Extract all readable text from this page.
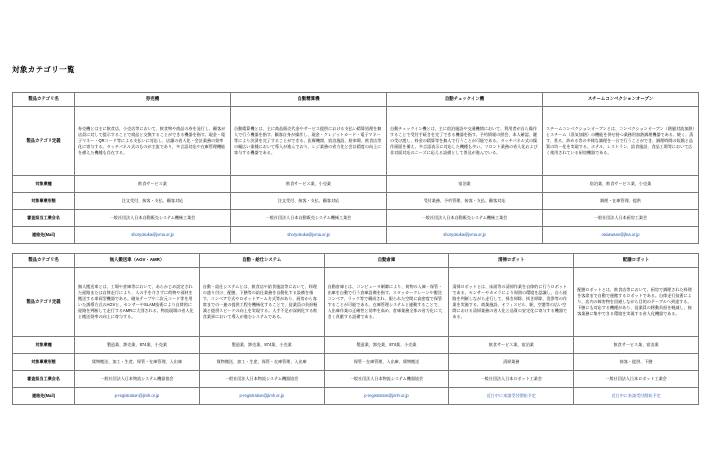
対象カテゴリ一覧
製品カテゴリ名	券売機	自動精算機	自動チェックイン機	スチームコンベクションオーブン
製品カテゴリ定義	券売機とは主に飲食店、小売店等において、飲食物や商品の券を発行し、顧客が店員に対して提示することで商品と交換することができる機器を指す。現金・電子マネー・QRコード等による支払いに対応し、店舗の省人化・会計業務の効率化に寄与する。タッチパネル式のものが主流であり、多言語対応や在庫管理機能を備えた機種も存在する。	自動精算機とは、主に商品販売代金やサービス提供における支払い精算処理を無人で行う機器を指す。顧客自身が操作し、現金・クレジットカード・電子マネー等により決済を完了することができる。医療機関、宿泊施設、駐車場、飲食店等の幅広い業種において導入が進んでおり、レジ業務の省力化と会計精度の向上に寄与する機器である。	自動チェックイン機とは、主に宿泊施設や交通機関において、利用者が自ら操作することで受付手続きを完了できる機器を指す。予約情報の照会、本人確認、鍵の受け渡し、料金の精算等を無人で行うことが可能である。タッチパネル式の操作画面を備え、多言語表示に対応した機種も多い。フロント業務の省人化および非対面対応のニーズに応える設備として普及が進んでいる。	スチームコンベクションオーブンとは、コンベクションオーブン（熱風対流加熱）とスチーム（蒸気加熱）の機能を併せ持つ業務用加熱調理機器である。焼く、蒸す、煮る、炒める等の多様な調理を一台で行うことができ、調理時間の短縮と品質の均一化を実現する。ホテル、レストラン、給食施設、食品工場等において広く使用されている厨房機器である。
対象業種	飲食サービス業	飲食サービス業、小売業	宿泊業	宿泊業、飲食サービス業、小売業
対象事業形態	注文受付、接客・支払、顧客対応	注文受付、接客・支払、顧客対応	受付業務、予約管理、接客・支払、顧客対応	調理・在庫管理、提供
審査担当工業会名	一般社団法人日本自動販売システム機械工業会	一般社団法人日本自動販売システム機械工業会	一般社団法人日本自動販売システム機械工業会	一般社団法人日本厨房工業会
連絡先(Mail)	shoryokuka@jvma.or.jp	shoryokuka@jvma.or.jp	shoryokuka@jvma.or.jp	otoiawase@jfea.or.jp
製品カテゴリ名	無人搬送車（AGV・AMR）	自動・給仕システム	自動倉庫	清掃ロボット	配膳ロボット
製品カテゴリ定義	無人搬送車とは、工場や倉庫等において、あらかじめ設定された経路または自律走行により、人の手を介さずに荷物や部材を搬送する車両型機器である。磁気テープや二次元コード等を用いた誘導方式のAGVと、センサーやSLAM技術により自律的に経路を判断して走行するAMRに大別される。物流現場の省人化と搬送効率の向上に寄与する。	自動・給仕システムとは、飲食店や給食施設等において、料理の盛り付け、配膳、下膳等の給仕業務を自動化する設備を指す。コンベア方式やロボットアーム方式等があり、厨房から客席までの一連の提供工程を機械化することで、従業員の負担軽減と提供スピードの向上を実現する。人手不足が深刻化する飲食業界において導入が進むシステムである。	自動倉庫とは、コンピュータ制御により、荷物の入庫・保管・出庫を自動で行う倉庫設備を指す。スタッカークレーンや搬送コンベア、ラック等で構成され、限られた空間に高密度で保管することが可能である。在庫管理システムと連動することで、入出庫作業の正確性と効率を高め、倉庫業務全体の省力化に大きく貢献する設備である。	清掃ロボットとは、床面等の清掃作業を自律的に行うロボットである。センサーやカメラにより周囲の環境を認識し、自ら経路を判断しながら走行して、掃き掃除、拭き掃除、洗浄等の作業を実施する。商業施設、オフィスビル、駅、空港等の広い空間における清掃業務の省人化と品質の安定化に寄与する機器である。	配膳ロボットとは、飲食店等において、厨房で調理された料理を客席まで自動で運搬するロボットである。自律走行技術により、店内の障害物を回避しながら目的のテーブルへ到達する。下膳にも対応する機種があり、従業員の移動負担を軽減し、接客業務に集中できる環境を実現する省人化機器である。
対象業種	製造業、卸売業、874業、小売業	製造業、卸売業、874業、小売業	製造業、卸売業、874業、小売業	飲食サービス業、宿泊業	飲食サービス業、宿泊業
対象事業形態	貨物搬送、加工・生産、保管・在庫管理、入出庫	貨物搬送、加工・生産、保管・在庫管理、入出庫	保管・在庫管理、入出庫、貨物搬送	清掃業務	接客・提供、下膳
審査担当工業会名	一般社団法人日本物流システム機器協会	一般社団法人日本物流システム機器協会	一般社団法人日本物流システム機器協会	一般社団法人日本ロボット工業会	一般社団法人日本ロボット工業会
連絡先(Mail)	p-registration@jimh.or.jp	p-registration@jimh.or.jp	p-registration@jimh.or.jp	近日中に来請受付開始予定	近日中に来請受付開始予定
